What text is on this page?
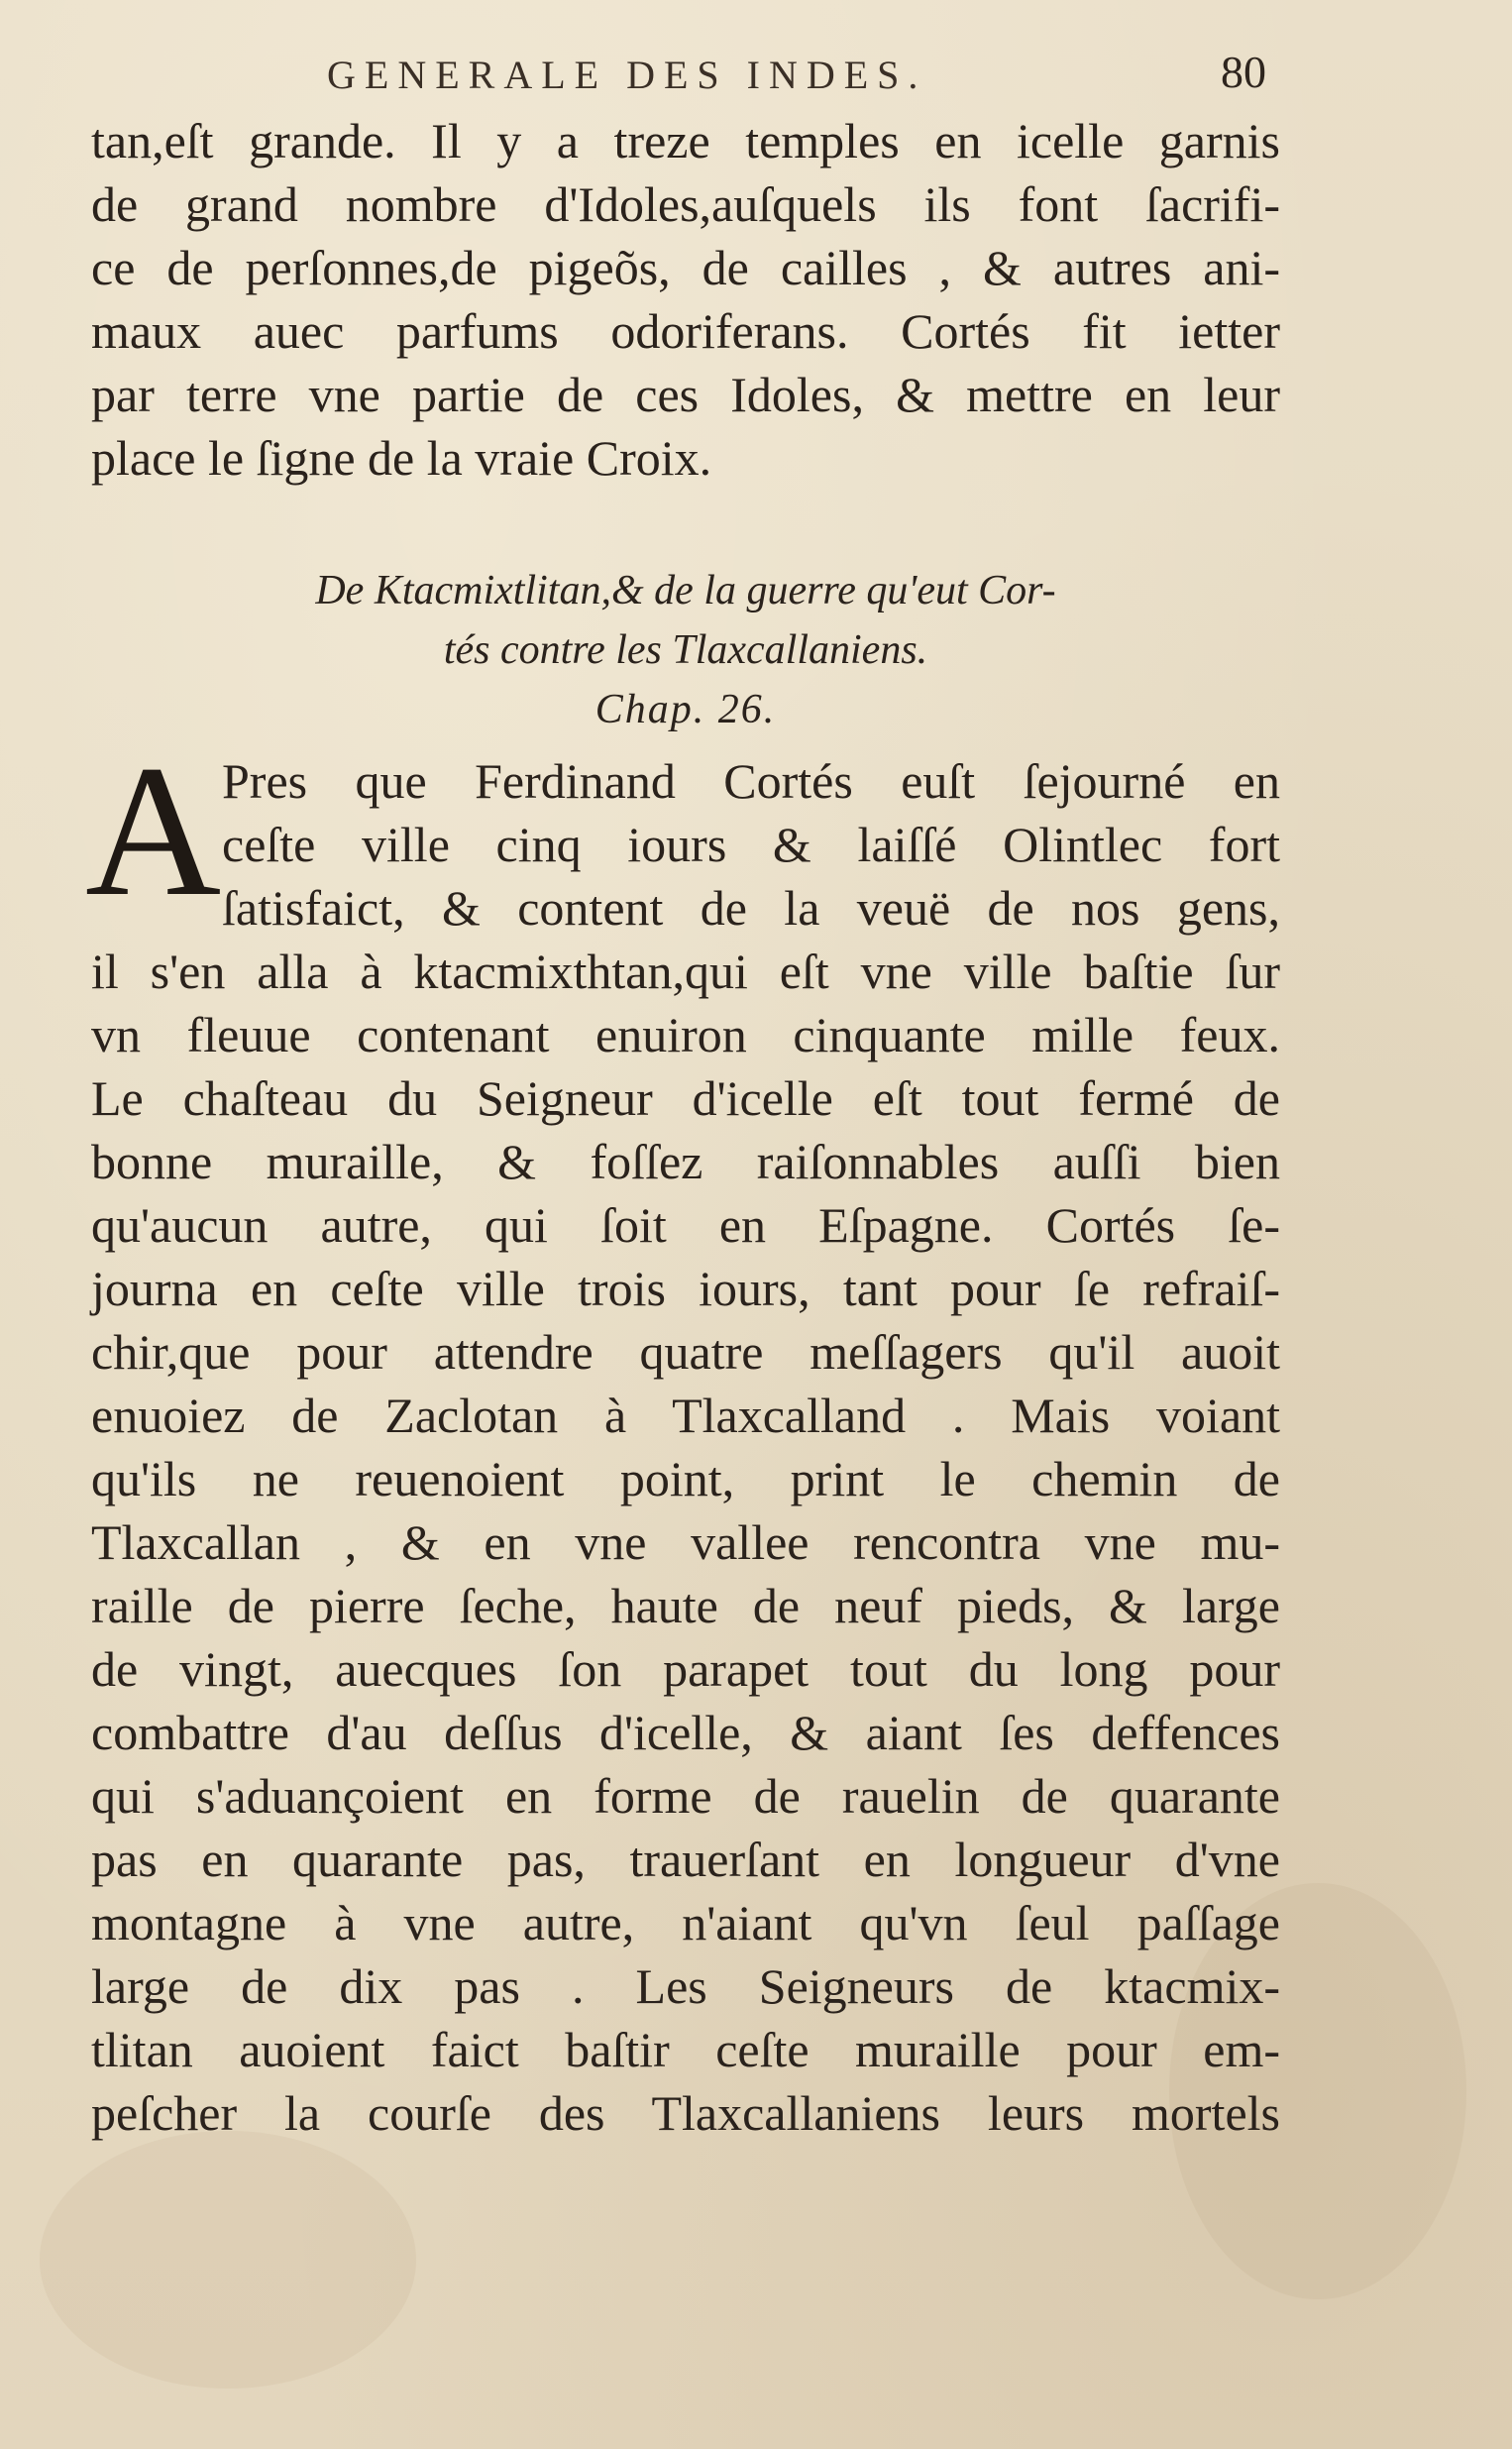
GENERALE DES INDES.	80
tan,eſt grande. Il y a treze temples en icelle garnis
de grand nombre d'Idoles,auſquels ils font ſacrifi-
ce de perſonnes,de pigeõs, de cailles , & autres ani-
maux auec parfums odoriferans. Cortés fit ietter
par terre vne partie de ces Idoles, & mettre en leur
place le ſigne de la vraie Croix.
De Ktacmixtlitan,& de la guerre qu'eut Cor-
tés contre les Tlaxcallaniens.
Chap. 26.
A Pres que Ferdinand Cortés euſt ſejourné en
ceſte ville cinq iours & laiſſé Olintlec fort
ſatisfaict, & content de la veuë de nos gens,
il s'en alla à ktacmixthtan,qui eſt vne ville baſtie ſur
vn fleuue contenant enuiron cinquante mille feux.
Le chaſteau du Seigneur d'icelle eſt tout fermé de
bonne muraille, & foſſez raiſonnables auſſi bien
qu'aucun autre, qui ſoit en Eſpagne. Cortés ſe-
journa en ceſte ville trois iours, tant pour ſe refraiſ-
chir,que pour attendre quatre meſſagers qu'il auoit
enuoiez de Zaclotan à Tlaxcalland . Mais voiant
qu'ils ne reuenoient point, print le chemin de
Tlaxcallan , & en vne vallee rencontra vne mu-
raille de pierre ſeche, haute de neuf pieds, & large
de vingt, auecques ſon parapet tout du long pour
combattre d'au deſſus d'icelle, & aiant ſes deffences
qui s'aduançoient en forme de rauelin de quarante
pas en quarante pas, trauerſant en longueur d'vne
montagne à vne autre, n'aiant qu'vn ſeul paſſage
large de dix pas . Les Seigneurs de ktacmix-
tlitan auoient faict baſtir ceſte muraille pour em-
peſcher la courſe des Tlaxcallaniens leurs mortels
